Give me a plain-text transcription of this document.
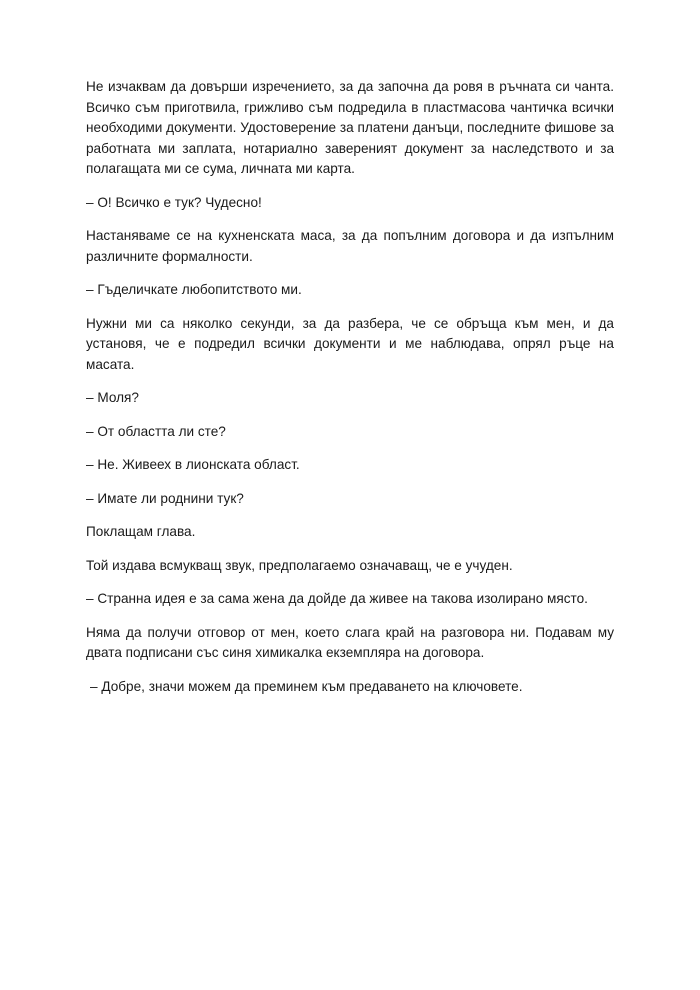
Не изчаквам да довърши изречението, за да започна да ровя в ръчната си чанта. Всичко съм приготвила, грижливо съм подредила в пластмасова чантичка всички необходими документи. Удостоверение за платени данъци, последните фишове за работната ми заплата, нотариално завереният документ за наследството и за полагащата ми се сума, личната ми карта.

– О! Всичко е тук? Чудесно!

Настаняваме се на кухненската маса, за да попълним договора и да изпълним различните формалности.

– Гъделичкате любопитството ми.

Нужни ми са няколко секунди, за да разбера, че се обръща към мен, и да установя, че е подредил всички документи и ме наблюдава, опрял ръце на масата.

– Моля?

– От областта ли сте?

– Не. Живеех в лионската област.

– Имате ли роднини тук?

Поклащам глава.

Той издава всмукващ звук, предполагаемо означаващ, че е учуден.

– Странна идея е за сама жена да дойде да живее на такова изолирано място.

Няма да получи отговор от мен, което слага край на разговора ни. Подавам му двата подписани със синя химикалка екземпляра на договора.

– Добре, значи можем да преминем към предаването на ключовете.
